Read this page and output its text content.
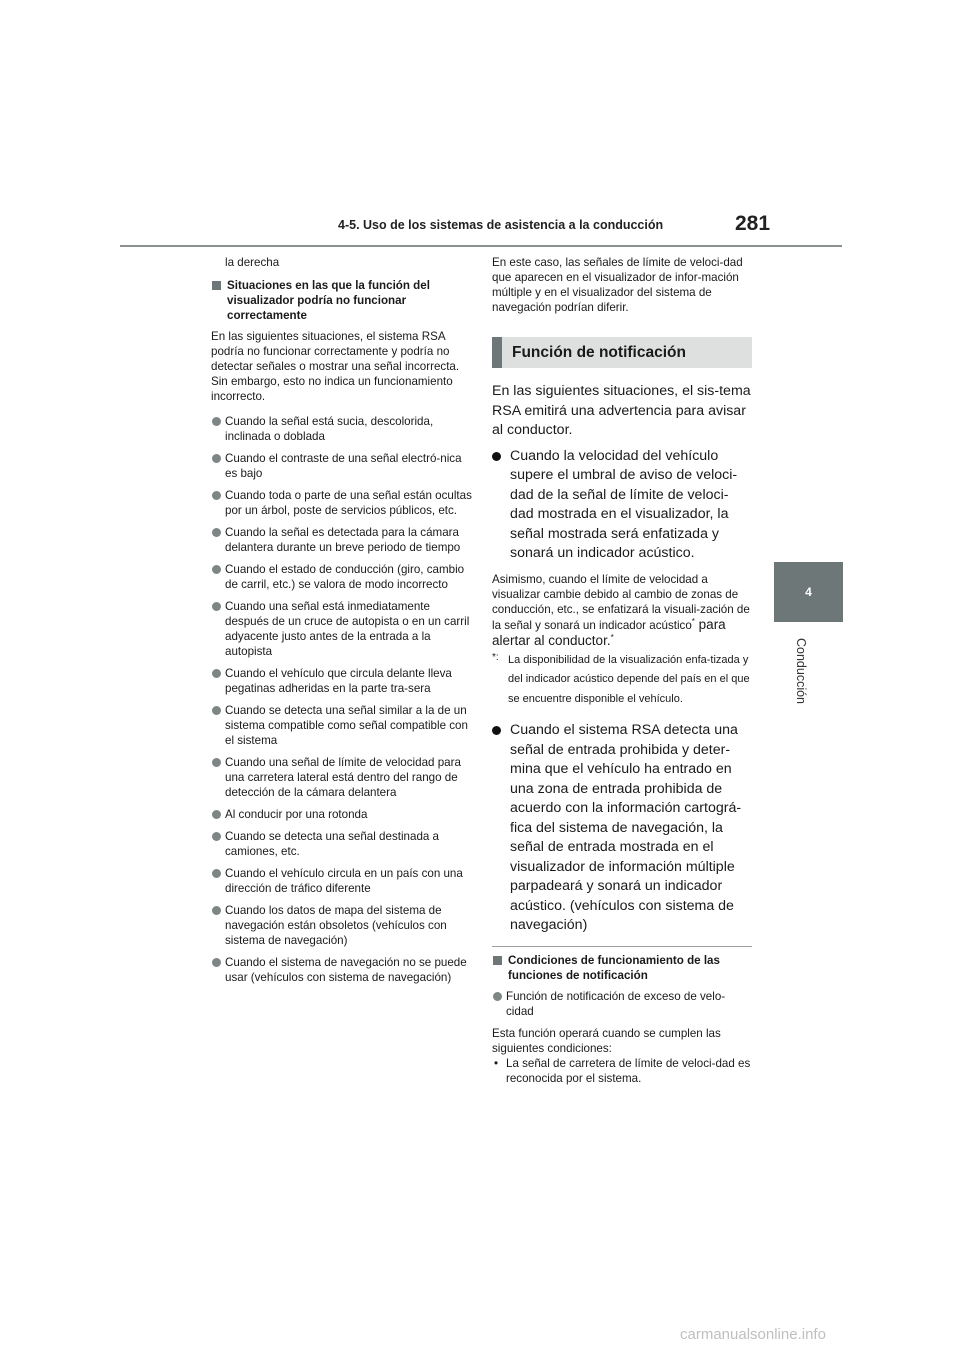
4-5. Uso de los sistemas de asistencia a la conducción	281
4
Conducción
la derecha
Situaciones en las que la función del visualizador podría no funcionar correctamente
En las siguientes situaciones, el sistema RSA podría no funcionar correctamente y podría no detectar señales o mostrar una señal incorrecta. Sin embargo, esto no indica un funcionamiento incorrecto.
Cuando la señal está sucia, descolorida, inclinada o doblada
Cuando el contraste de una señal electró-nica es bajo
Cuando toda o parte de una señal están ocultas por un árbol, poste de servicios públicos, etc.
Cuando la señal es detectada para la cámara delantera durante un breve periodo de tiempo
Cuando el estado de conducción (giro, cambio de carril, etc.) se valora de modo incorrecto
Cuando una señal está inmediatamente después de un cruce de autopista o en un carril adyacente justo antes de la entrada a la autopista
Cuando el vehículo que circula delante lleva pegatinas adheridas en la parte tra-sera
Cuando se detecta una señal similar a la de un sistema compatible como señal compatible con el sistema
Cuando una señal de límite de velocidad para una carretera lateral está dentro del rango de detección de la cámara delantera
Al conducir por una rotonda
Cuando se detecta una señal destinada a camiones, etc.
Cuando el vehículo circula en un país con una dirección de tráfico diferente
Cuando los datos de mapa del sistema de navegación están obsoletos (vehículos con sistema de navegación)
Cuando el sistema de navegación no se puede usar (vehículos con sistema de navegación)
En este caso, las señales de límite de veloci-dad que aparecen en el visualizador de infor-mación múltiple y en el visualizador del sistema de navegación podrían diferir.
Función de notificación
En las siguientes situaciones, el sis-tema RSA emitirá una advertencia para avisar al conductor.
Cuando la velocidad del vehículo supere el umbral de aviso de veloci-dad de la señal de límite de veloci-dad mostrada en el visualizador, la señal mostrada será enfatizada y sonará un indicador acústico.
Asimismo, cuando el límite de velocidad a visualizar cambie debido al cambio de zonas de conducción, etc., se enfatizará la visuali-zación de la señal y sonará un indicador acústico* para alertar al conductor.*
*: La disponibilidad de la visualización enfa-tizada y del indicador acústico depende del país en el que se encuentre disponible el vehículo.
Cuando el sistema RSA detecta una señal de entrada prohibida y deter-mina que el vehículo ha entrado en una zona de entrada prohibida de acuerdo con la información cartográ-fica del sistema de navegación, la señal de entrada mostrada en el visualizador de información múltiple parpadeará y sonará un indicador acústico. (vehículos con sistema de navegación)
Condiciones de funcionamiento de las funciones de notificación
Función de notificación de exceso de velo-cidad
Esta función operará cuando se cumplen las siguientes condiciones:
• La señal de carretera de límite de veloci-dad es reconocida por el sistema.
carmanualsonline.info
